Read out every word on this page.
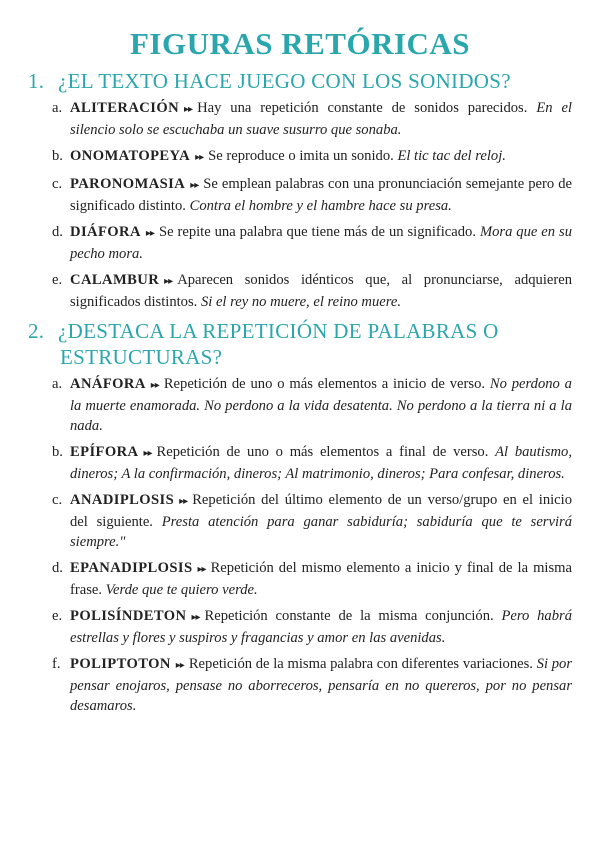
FIGURAS RETÓRICAS
1. ¿EL TEXTO HACE JUEGO CON LOS SONIDOS?
a. ALITERACIÓN ▸▸ Hay una repetición constante de sonidos parecidos. En el silencio solo se escuchaba un suave susurro que sonaba.
b. ONOMATOPEYA ▸▸ Se reproduce o imita un sonido. El tic tac del reloj.
c. PARONOMASIA ▸▸ Se emplean palabras con una pronunciación semejante pero de significado distinto. Contra el hombre y el hambre hace su presa.
d. DIÁFORA ▸▸ Se repite una palabra que tiene más de un significado. Mora que en su pecho mora.
e. CALAMBUR ▸▸ Aparecen sonidos idénticos que, al pronunciarse, adquieren significados distintos. Si el rey no muere, el reino muere.
2. ¿DESTACA LA REPETICIÓN DE PALABRAS O
ESTRUCTURAS?
a. ANÁFORA ▸▸ Repetición de uno o más elementos a inicio de verso. No perdono a la muerte enamorada. No perdono a la vida desatenta. No perdono a la tierra ni a la nada.
b. EPÍFORA ▸▸ Repetición de uno o más elementos a final de verso. Al bautismo, dineros; A la confirmación, dineros; Al matrimonio, dineros; Para confesar, dineros.
c. ANADIPLOSIS ▸▸ Repetición del último elemento de un verso/grupo en el inicio del siguiente. Presta atención para ganar sabiduría; sabiduría que te servirá siempre."
d. EPANADIPLOSIS ▸▸ Repetición del mismo elemento a inicio y final de la misma frase. Verde que te quiero verde.
e. POLISÍNDETON ▸▸ Repetición constante de la misma conjunción. Pero habrá estrellas y flores y suspiros y fragancias y amor en las avenidas.
f. POLIPTOTON ▸▸ Repetición de la misma palabra con diferentes variaciones. Si por pensar enojaros, pensase no aborreceros, pensaría en no quereros, por no pensar desamaros.
